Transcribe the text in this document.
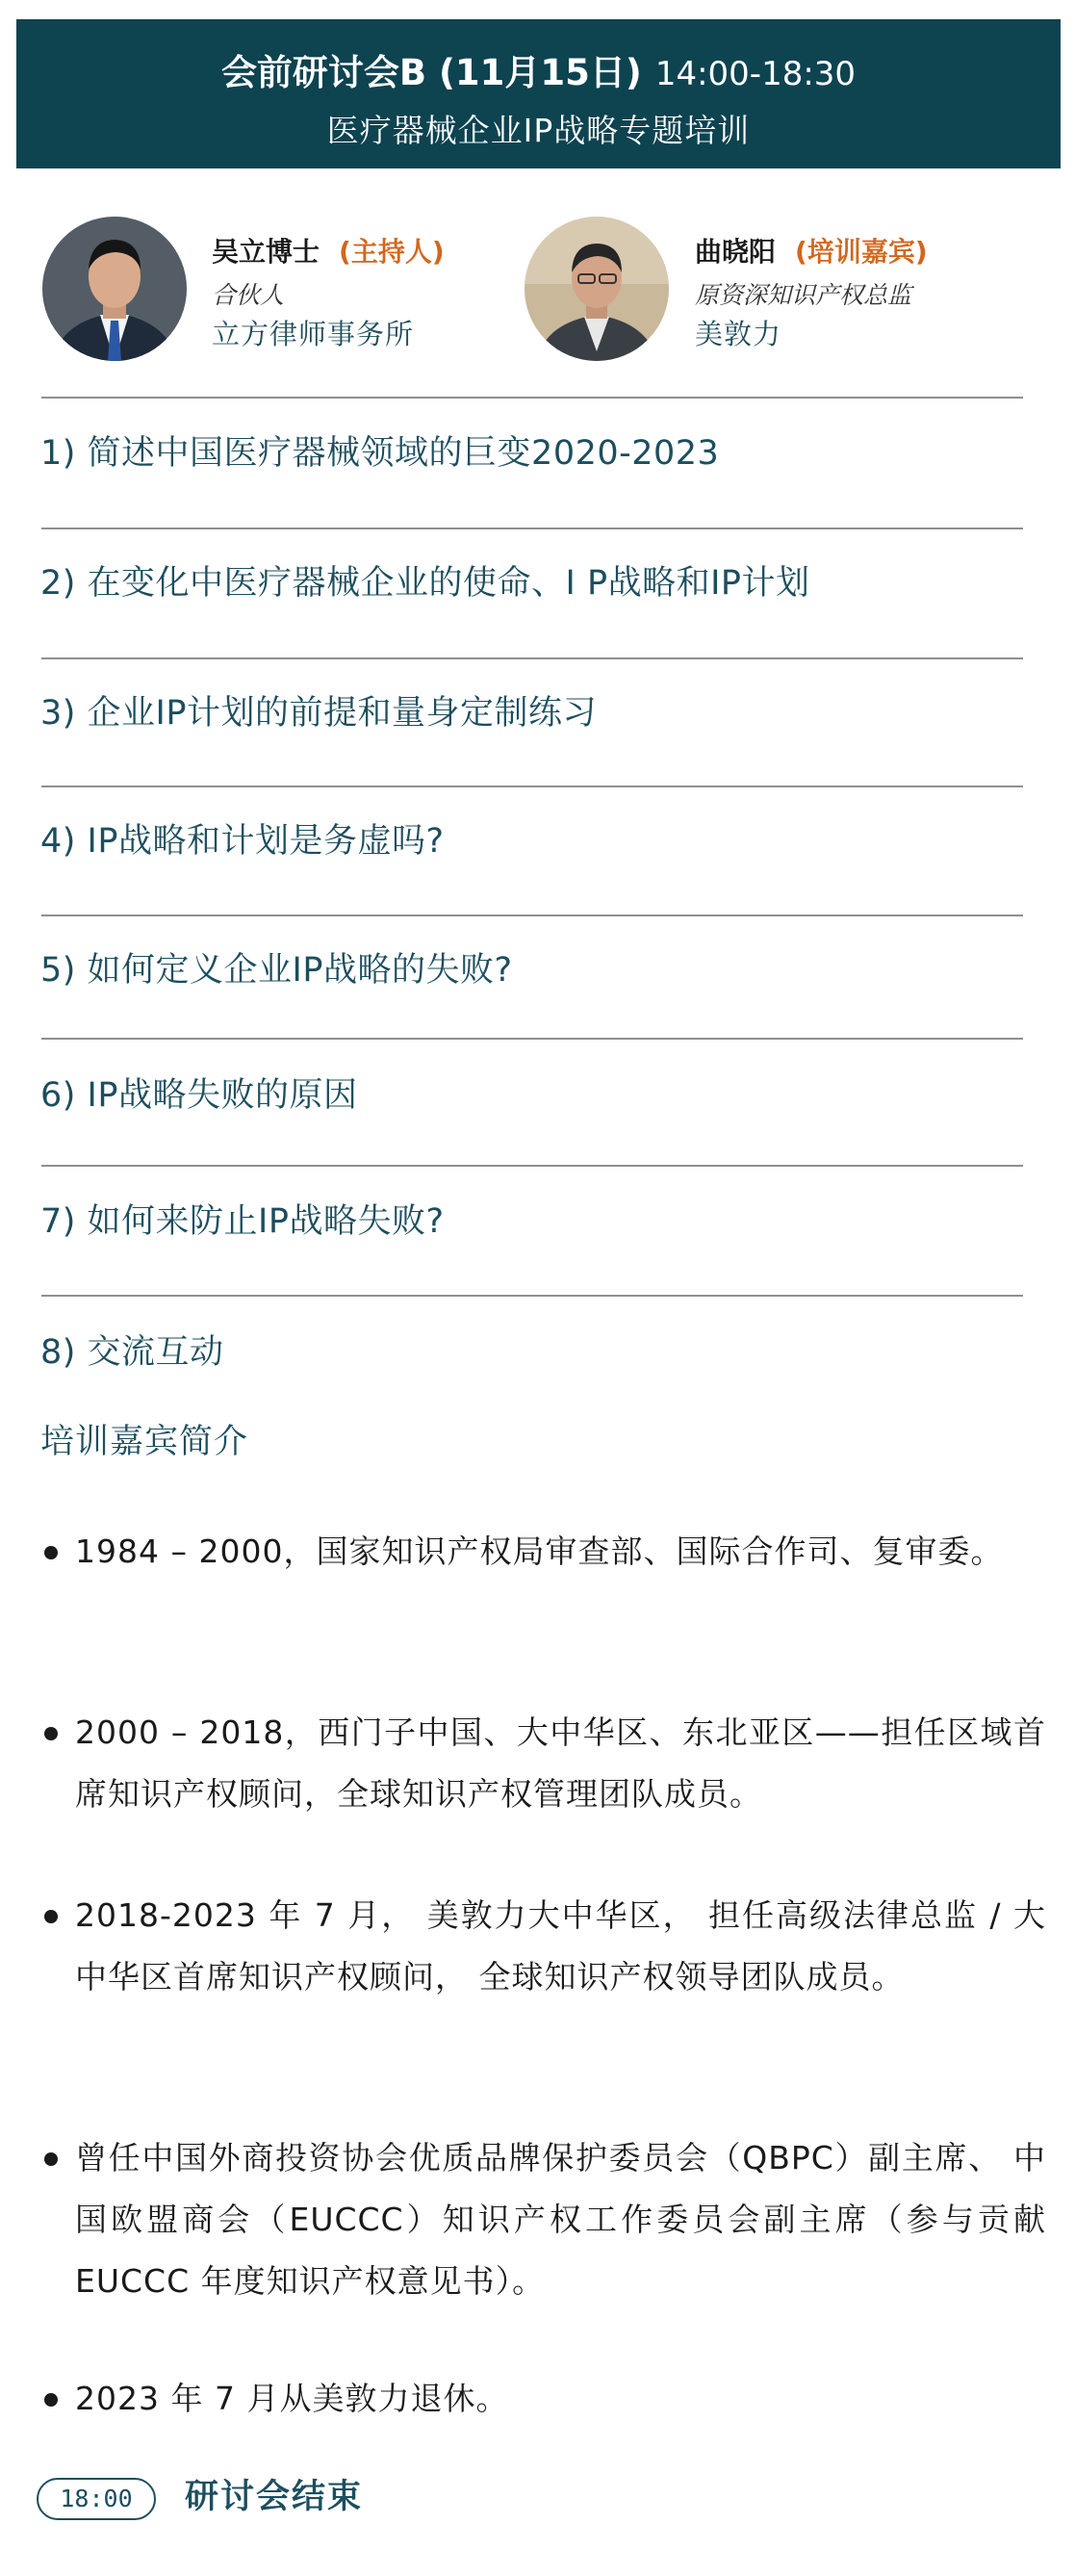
会前研讨会B (11月15日) 14:00-18:30
医疗器械企业IP战略专题培训
吴立博士 (主持人)
合伙人
立方律师事务所
曲晓阳 (培训嘉宾)
原资深知识产权总监
美敦力
1) 简述中国医疗器械领域的巨变2020-2023
2) 在变化中医疗器械企业的使命、I P战略和IP计划
3) 企业IP计划的前提和量身定制练习
4) IP战略和计划是务虚吗?
5) 如何定义企业IP战略的失败?
6) IP战略失败的原因
7) 如何来防止IP战略失败?
8) 交流互动
培训嘉宾简介
1984 – 2000，国家知识产权局审查部、国际合作司、复审委。
2000 – 2018，西门子中国、大中华区、东北亚区——担任区域首席知识产权顾问，全球知识产权管理团队成员。
2018-2023 年 7 月， 美敦力大中华区， 担任高级法律总监 / 大中华区首席知识产权顾问， 全球知识产权领导团队成员。
曾任中国外商投资协会优质品牌保护委员会（QBPC）副主席、 中国欧盟商会（EUCCC）知识产权工作委员会副主席（参与贡献 EUCCC 年度知识产权意见书）。
2023 年 7 月从美敦力退休。
18:00	研讨会结束
